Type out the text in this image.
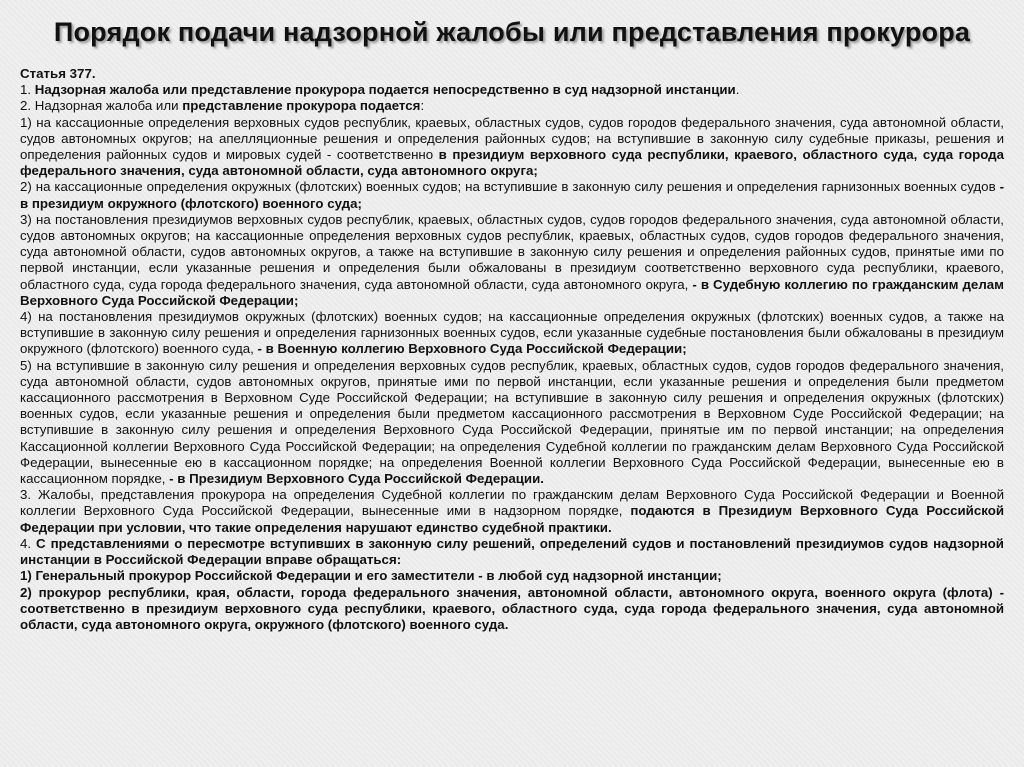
Порядок подачи надзорной жалобы или представления прокурора

Статья 377.

1. Надзорная жалоба или представление прокурора подается непосредственно в суд надзорной инстанции.

2. Надзорная жалоба или представление прокурора подается:

1) на кассационные определения верховных судов республик, краевых, областных судов, судов городов федерального значения, суда автономной области, судов автономных округов; на апелляционные решения и определения районных судов; на вступившие в законную силу судебные приказы, решения и определения районных судов и мировых судей - соответственно в президиум верховного суда республики, краевого, областного суда, суда города федерального значения, суда автономной области, суда автономного округа;

2) на кассационные определения окружных (флотских) военных судов; на вступившие в законную силу решения и определения гарнизонных военных судов - в президиум окружного (флотского) военного суда;

3) на постановления президиумов верховных судов республик, краевых, областных судов, судов городов федерального значения, суда автономной области, судов автономных округов; на кассационные определения верховных судов республик, краевых, областных судов, судов городов федерального значения, суда автономной области, судов автономных округов, а также на вступившие в законную силу решения и определения районных судов, принятые ими по первой инстанции, если указанные решения и определения были обжалованы в президиум соответственно верховного суда республики, краевого, областного суда, суда города федерального значения, суда автономной области, суда автономного округа, - в Судебную коллегию по гражданским делам Верховного Суда Российской Федерации;

4) на постановления президиумов окружных (флотских) военных судов; на кассационные определения окружных (флотских) военных судов, а также на вступившие в законную силу решения и определения гарнизонных военных судов, если указанные судебные постановления были обжалованы в президиум окружного (флотского) военного суда, - в Военную коллегию Верховного Суда Российской Федерации;

5) на вступившие в законную силу решения и определения верховных судов республик, краевых, областных судов, судов городов федерального значения, суда автономной области, судов автономных округов, принятые ими по первой инстанции, если указанные решения и определения были предметом кассационного рассмотрения в Верховном Суде Российской Федерации; на вступившие в законную силу решения и определения окружных (флотских) военных судов, если указанные решения и определения были предметом кассационного рассмотрения в Верховном Суде Российской Федерации; на вступившие в законную силу решения и определения Верховного Суда Российской Федерации, принятые им по первой инстанции; на определения Кассационной коллегии Верховного Суда Российской Федерации; на определения Судебной коллегии по гражданским делам Верховного Суда Российской Федерации, вынесенные ею в кассационном порядке; на определения Военной коллегии Верховного Суда Российской Федерации, вынесенные ею в кассационном порядке, - в Президиум Верховного Суда Российской Федерации.

3. Жалобы, представления прокурора на определения Судебной коллегии по гражданским делам Верховного Суда Российской Федерации и Военной коллегии Верховного Суда Российской Федерации, вынесенные ими в надзорном порядке, подаются в Президиум Верховного Суда Российской Федерации при условии, что такие определения нарушают единство судебной практики.

4. С представлениями о пересмотре вступивших в законную силу решений, определений судов и постановлений президиумов судов надзорной инстанции в Российской Федерации вправе обращаться:

1) Генеральный прокурор Российской Федерации и его заместители - в любой суд надзорной инстанции;

2) прокурор республики, края, области, города федерального значения, автономной области, автономного округа, военного округа (флота) - соответственно в президиум верховного суда республики, краевого, областного суда, суда города федерального значения, суда автономной области, суда автономного округа, окружного (флотского) военного суда.
